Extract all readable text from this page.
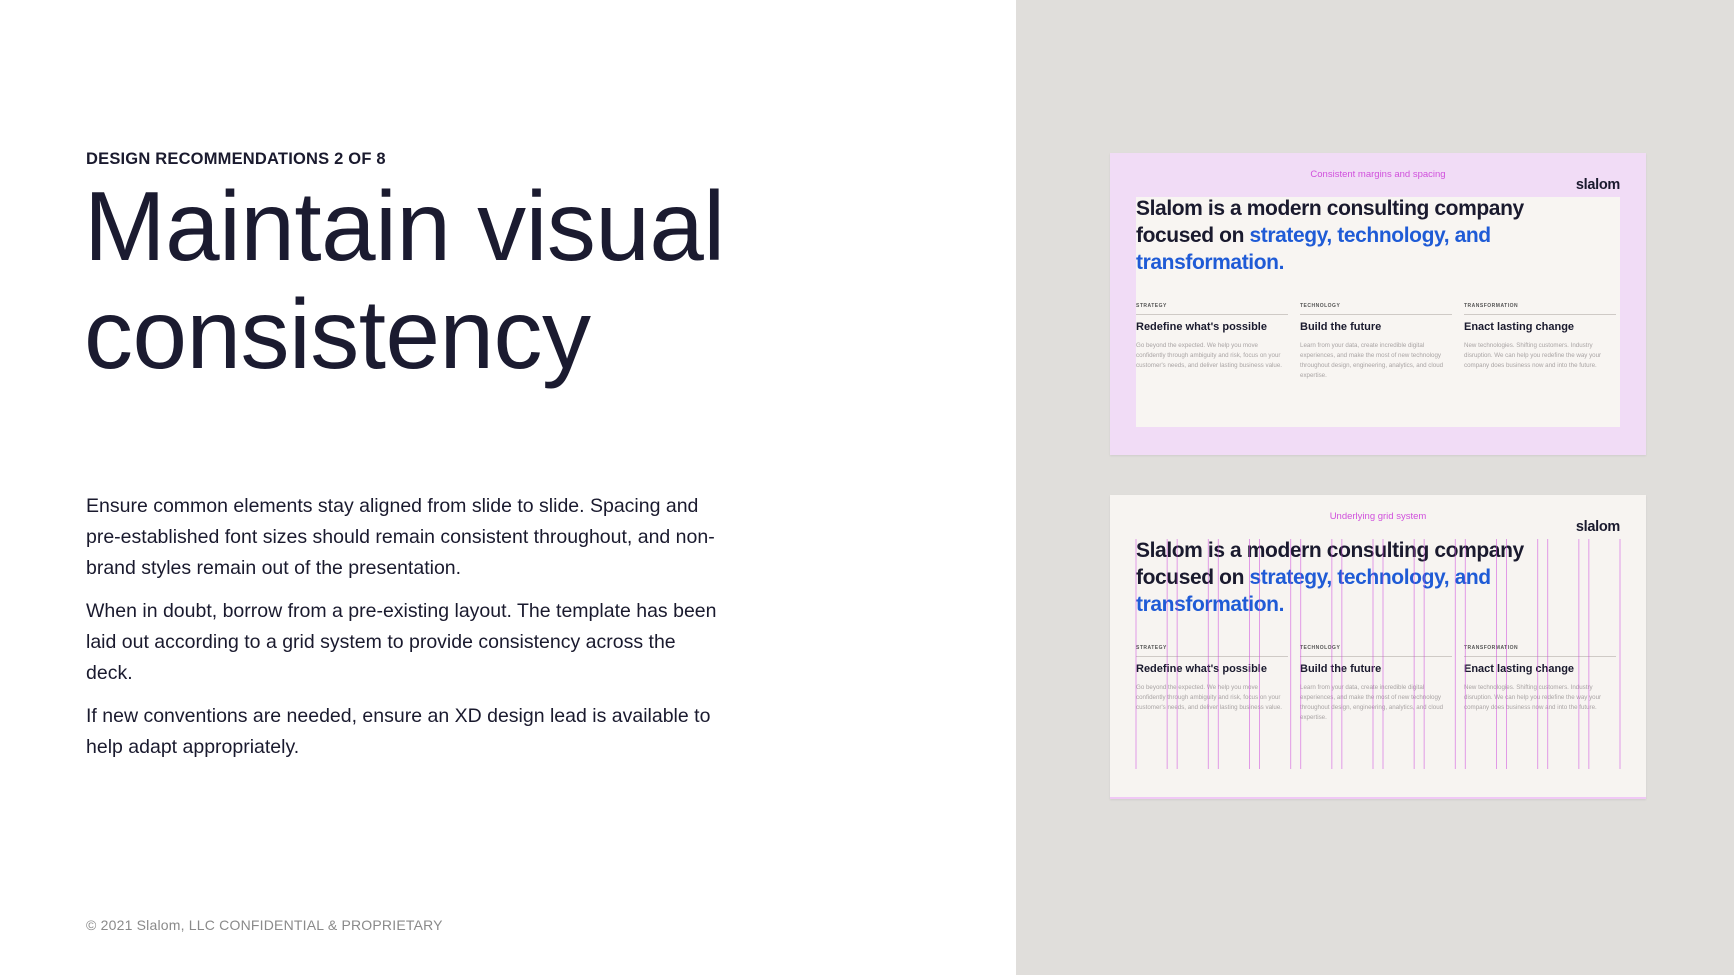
DESIGN RECOMMENDATIONS 2 OF 8
Maintain visual
consistency

Ensure common elements stay aligned from slide to slide. Spacing and pre-established font sizes should remain consistent throughout, and non-brand styles remain out of the presentation.

When in doubt, borrow from a pre-existing layout. The template has been laid out according to a grid system to provide consistency across the deck.

If new conventions are needed, ensure an XD design lead is available to help adapt appropriately.

© 2021 Slalom, LLC CONFIDENTIAL & PROPRIETARY
Consistent margins and spacing
slalom
Slalom is a modern consulting company focused on strategy, technology, and transformation.
STRATEGY
Redefine what's possible
Go beyond the expected. We help you move confidently through ambiguity and risk, focus on your customer's needs, and deliver lasting business value.
TECHNOLOGY
Build the future
Learn from your data, create incredible digital experiences, and make the most of new technology throughout design, engineering, analytics, and cloud expertise.
TRANSFORMATION
Enact lasting change
New technologies. Shifting customers. Industry disruption. We can help you redefine the way your company does business now and into the future.
Underlying grid system
slalom
Slalom is a modern consulting company focused on strategy, technology, and transformation.
STRATEGY
Redefine what's possible
Go beyond the expected. We help you move confidently through ambiguity and risk, focus on your customer's needs, and deliver lasting business value.
TECHNOLOGY
Build the future
Learn from your data, create incredible digital experiences, and make the most of new technology throughout design, engineering, analytics, and cloud expertise.
TRANSFORMATION
Enact lasting change
New technologies. Shifting customers. Industry disruption. We can help you redefine the way your company does business now and into the future.
